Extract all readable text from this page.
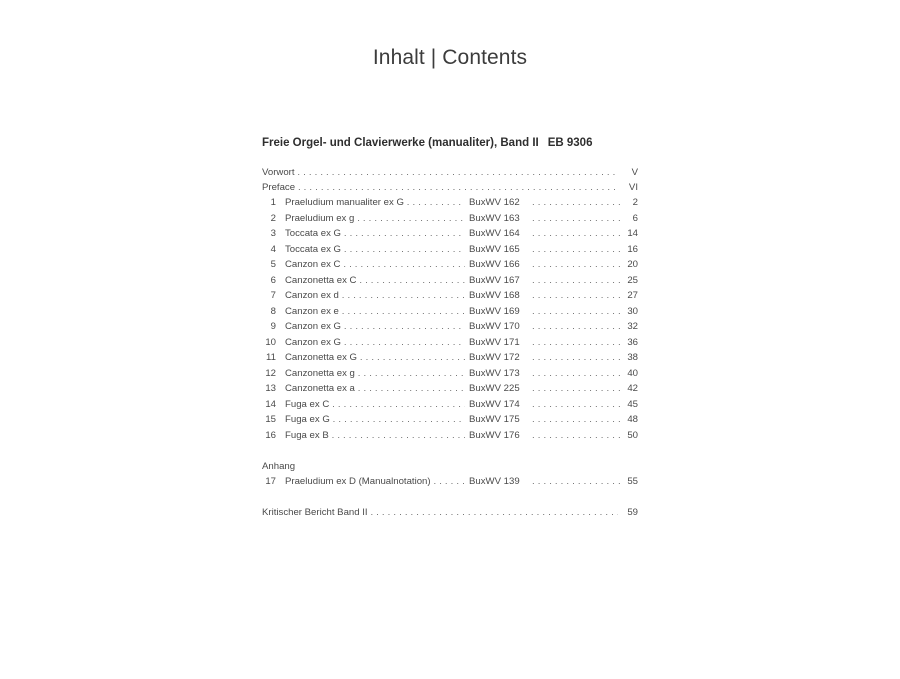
Inhalt | Contents
Freie Orgel- und Clavierwerke (manualiter), Band II EB 9306
Vorwort . . .	V
Preface . . .	VI
1 Praeludium manualiter ex G . . .	BuxWV 162 . . .	2
2 Praeludium ex g . . .	BuxWV 163 . . .	6
3 Toccata ex G . . .	BuxWV 164 . . .	14
4 Toccata ex G . . .	BuxWV 165 . . .	16
5 Canzon ex C . . .	BuxWV 166 . . .	20
6 Canzonetta ex C . . .	BuxWV 167 . . .	25
7 Canzon ex d . . .	BuxWV 168 . . .	27
8 Canzon ex e . . .	BuxWV 169 . . .	30
9 Canzon ex G . . .	BuxWV 170 . . .	32
10 Canzon ex G . . .	BuxWV 171 . . .	36
11 Canzonetta ex G . . .	BuxWV 172 . . .	38
12 Canzonetta ex g . . .	BuxWV 173 . . .	40
13 Canzonetta ex a . . .	BuxWV 225 . . .	42
14 Fuga ex C . . .	BuxWV 174 . . .	45
15 Fuga ex G . . .	BuxWV 175 . . .	48
16 Fuga ex B . . .	BuxWV 176 . . .	50
Anhang
17 Praeludium ex D (Manualnotation) . . .	BuxWV 139 . . .	55
Kritischer Bericht Band II . . .	59
